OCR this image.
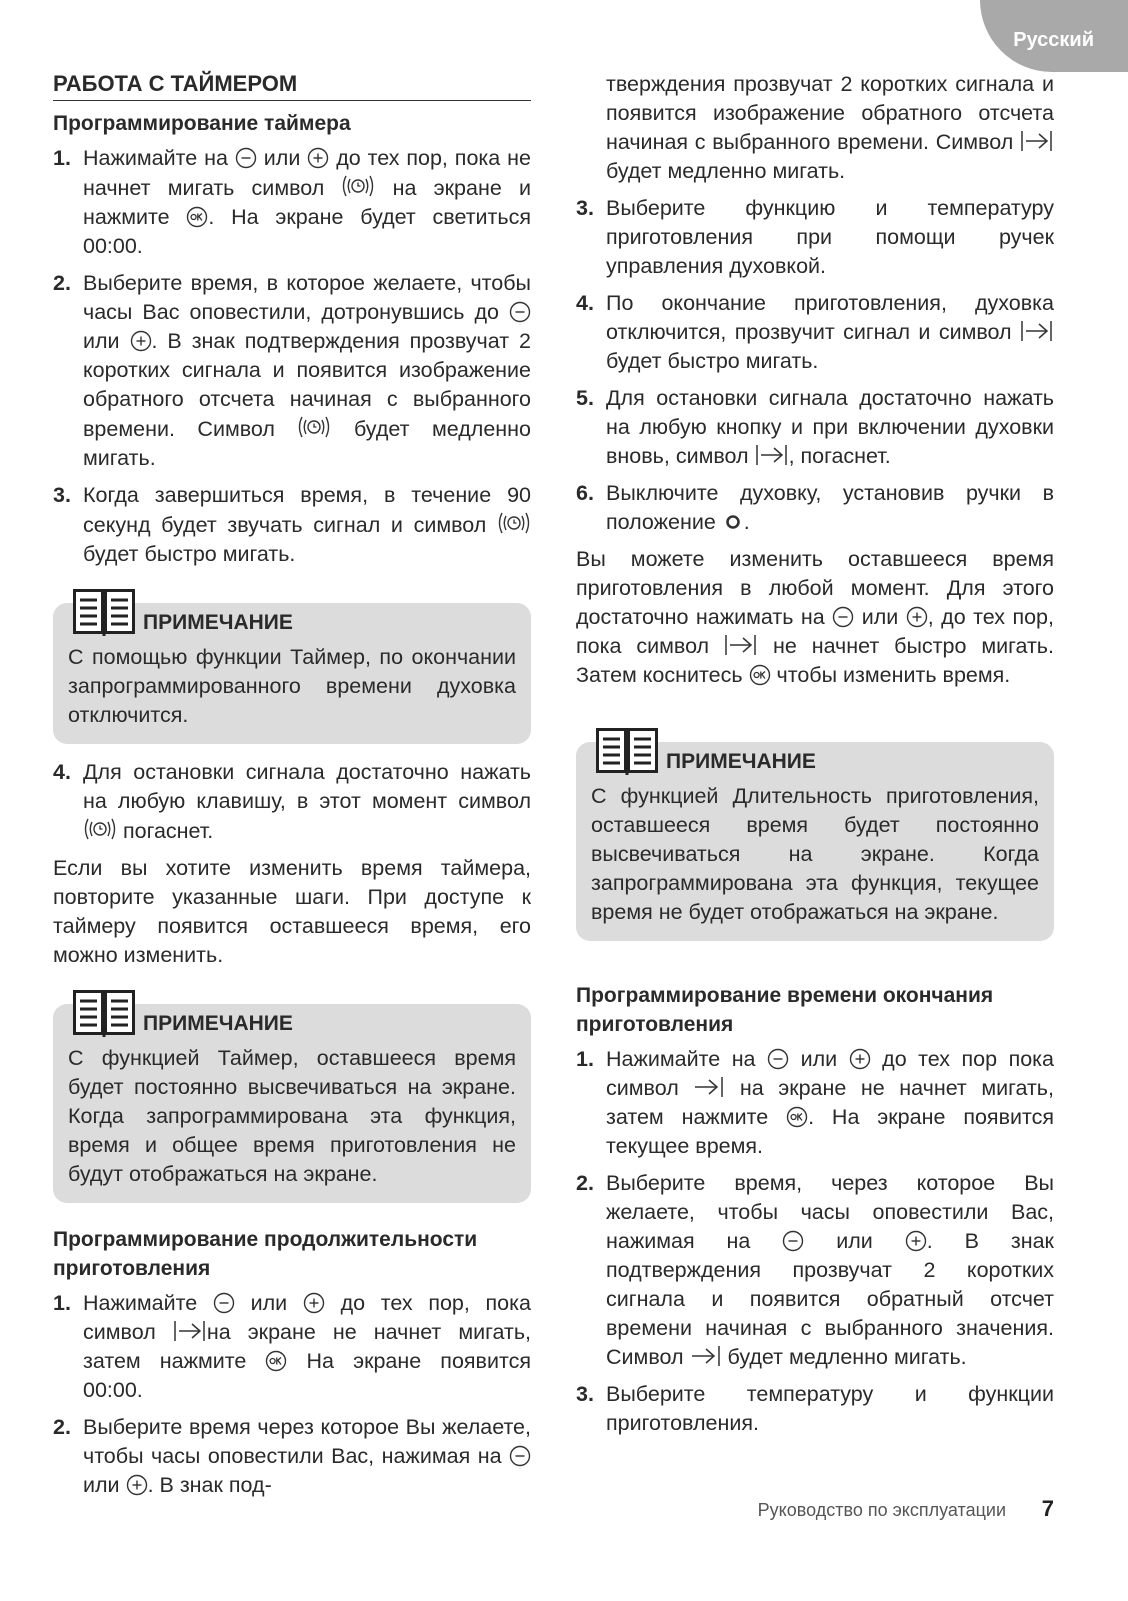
Русский
РАБОТА С ТАЙМЕРОМ
Программирование таймера
1. Нажимайте на или до тех пор, пока не начнет мигать символ	на экране и нажмите . На экране будет светиться 00:00.
2. Выберите время, в которое желаете, чтобы часы Вас оповестили, дотронувшись до  или . В знак подтверждения прозвучат 2 коротких сигнала и появится изображение обратного отсчета начиная с выбранного времени. Символ	будет медленно мигать.
3. Когда завершиться время, в течение 90 секунд будет звучать сигнал и символ  будет быстро мигать.
ПРИМЕЧАНИЕ
С помощью функции Таймер, по окончании запрограммированного времени духовка отключится.
4. Для остановки сигнала достаточно нажать на любую клавишу, в этот момент символ  погаснет.

Если вы хотите изменить время таймера, повторите указанные шаги. При доступе к таймеру появится оставшееся время, его можно изменить.

ПРИМЕЧАНИЕ
С функцией Таймер, оставшееся время будет постоянно высвечиваться на экране. Когда запрограммирована эта функция, время и общее время приготовления не будут отображаться на экране.
Программирование продолжительности приготовления
1. Нажимайте или до тех пор, пока символ на экране не начнет мигать, затем нажмите	На экране появится 00:00.
2. Выберите время через которое Вы желаете, чтобы часы оповестили Вас, нажимая на  или . В знак под-

тверждения прозвучат 2 коротких сигнала и появится изображение обратного отсчета начиная с выбранного времени. Символ  будет медленно мигать.

3. Выберите функцию и температуру приготовления при помощи ручек управления духовкой.
4. По окончание приготовления, духовка отключится, прозвучит сигнал и символ  будет быстро мигать.
5. Для остановки сигнала достаточно нажать на любую кнопку и при включении духовки вновь, символ , погаснет.
6. Выключите духовку, установив ручки в положение .

Вы можете изменить оставшееся время приготовления в любой момент. Для этого достаточно нажимать на или , до тех пор, пока символ	не начнет быстро мигать. Затем коснитесь чтобы изменить время.

ПРИМЕЧАНИЕ
С функцией Длительность приготовления, оставшееся время будет постоянно высвечиваться на экране. Когда запрограммирована эта функция, текущее время не будет отображаться на экране.
Программирование времени окончания приготовления
1. Нажимайте на или до тех пор пока символ	на экране не начнет мигать, затем нажмите . На экране появится текущее время.
2. Выберите время, через которое Вы желаете, чтобы часы оповестили Вас, нажимая на	или	. В знак подтверждения прозвучат 2 коротких сигнала и появится обратный отсчет времени начиная с выбранного значения. Символ будет медленно мигать.
3. Выберите температуру и функции приготовления.
Руководство по эксплуатации 7
